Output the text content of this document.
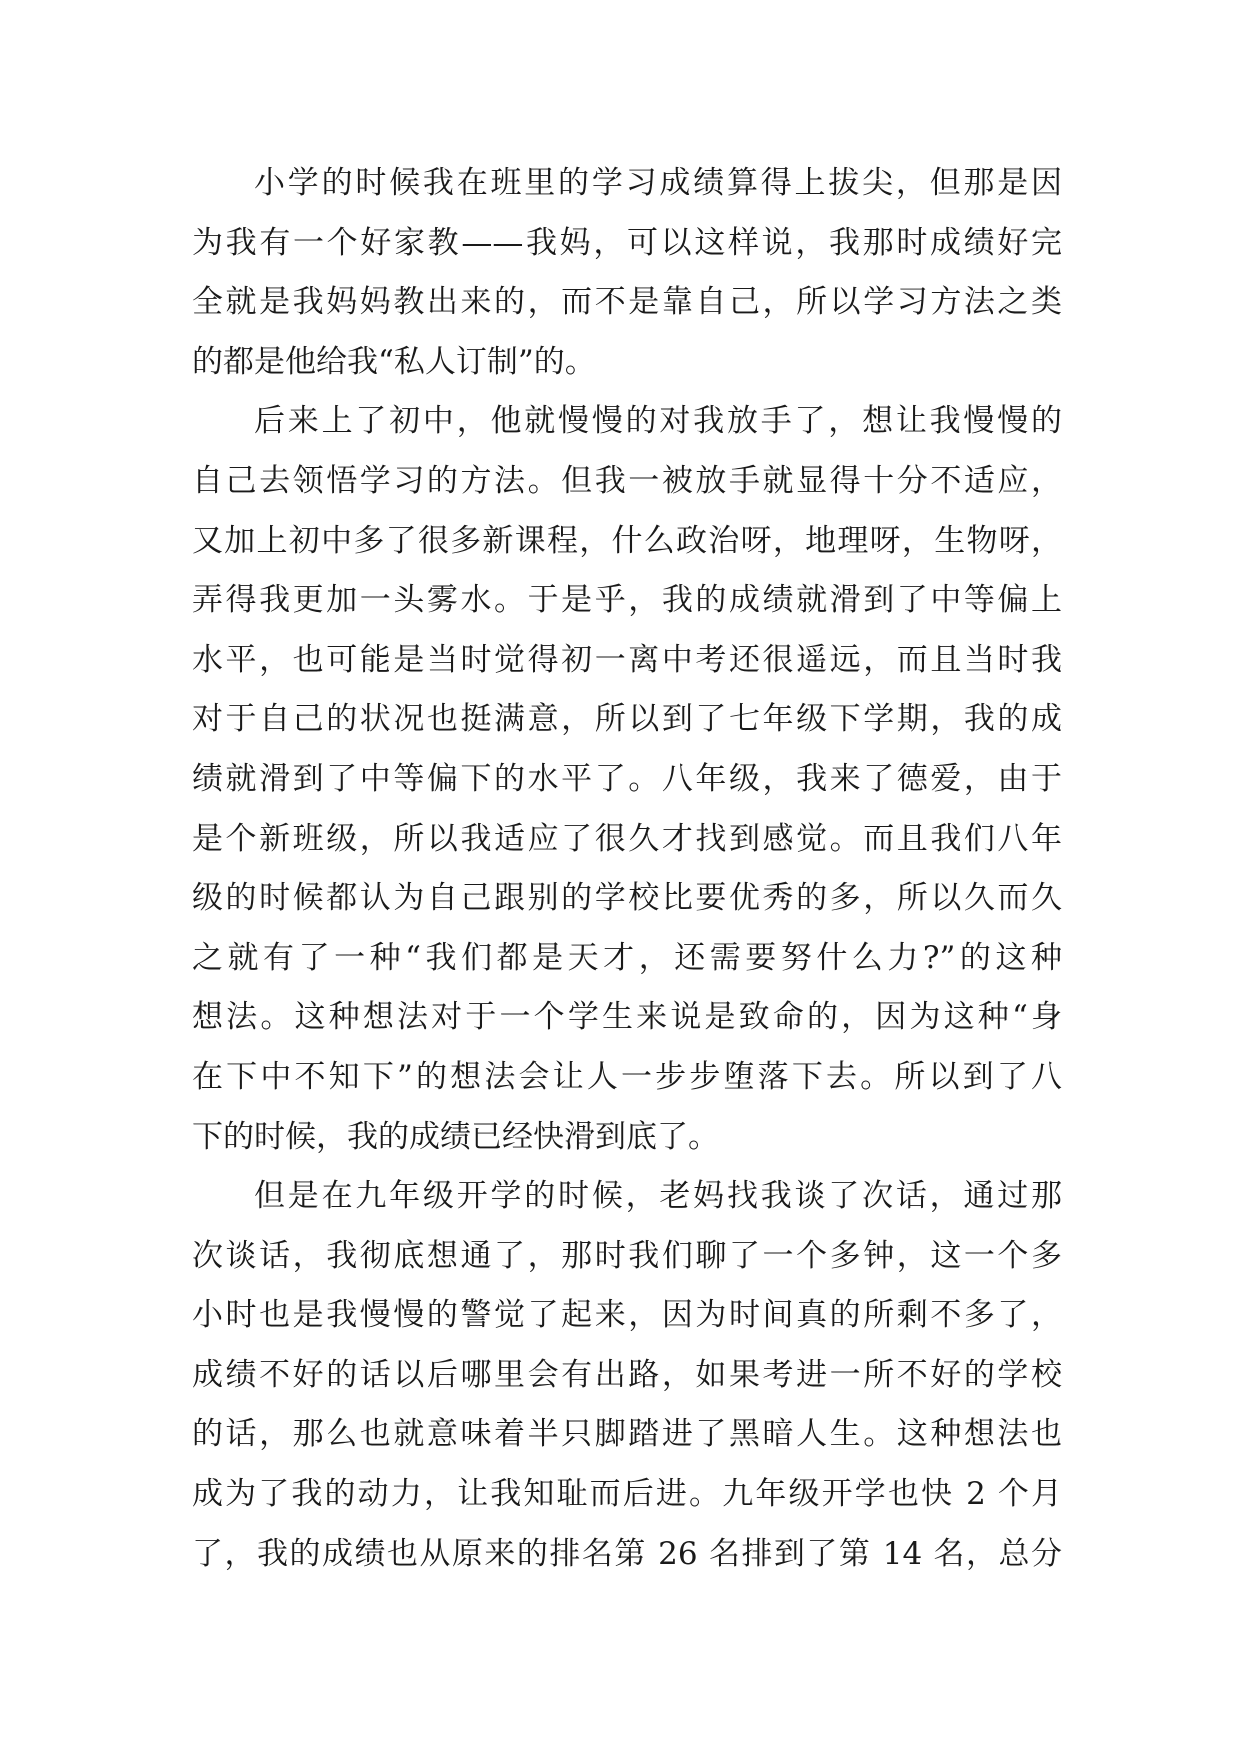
小学的时候我在班里的学习成绩算得上拔尖，但那是因
为我有一个好家教——我妈，可以这样说，我那时成绩好完
全就是我妈妈教出来的，而不是靠自己，所以学习方法之类
的都是他给我“私人订制”的。
后来上了初中，他就慢慢的对我放手了，想让我慢慢的
自己去领悟学习的方法。但我一被放手就显得十分不适应，
又加上初中多了很多新课程，什么政治呀，地理呀，生物呀，
弄得我更加一头雾水。于是乎，我的成绩就滑到了中等偏上
水平，也可能是当时觉得初一离中考还很遥远，而且当时我
对于自己的状况也挺满意，所以到了七年级下学期，我的成
绩就滑到了中等偏下的水平了。八年级，我来了德爱，由于
是个新班级，所以我适应了很久才找到感觉。而且我们八年
级的时候都认为自己跟别的学校比要优秀的多，所以久而久
之就有了一种“我们都是天才，还需要努什么力?”的这种
想法。这种想法对于一个学生来说是致命的，因为这种“身
在下中不知下”的想法会让人一步步堕落下去。所以到了八
下的时候，我的成绩已经快滑到底了。
但是在九年级开学的时候，老妈找我谈了次话，通过那
次谈话，我彻底想通了，那时我们聊了一个多钟，这一个多
小时也是我慢慢的警觉了起来，因为时间真的所剩不多了，
成绩不好的话以后哪里会有出路，如果考进一所不好的学校
的话，那么也就意味着半只脚踏进了黑暗人生。这种想法也
成为了我的动力，让我知耻而后进。九年级开学也快 2 个月
了，我的成绩也从原来的排名第 26 名排到了第 14 名，总分
